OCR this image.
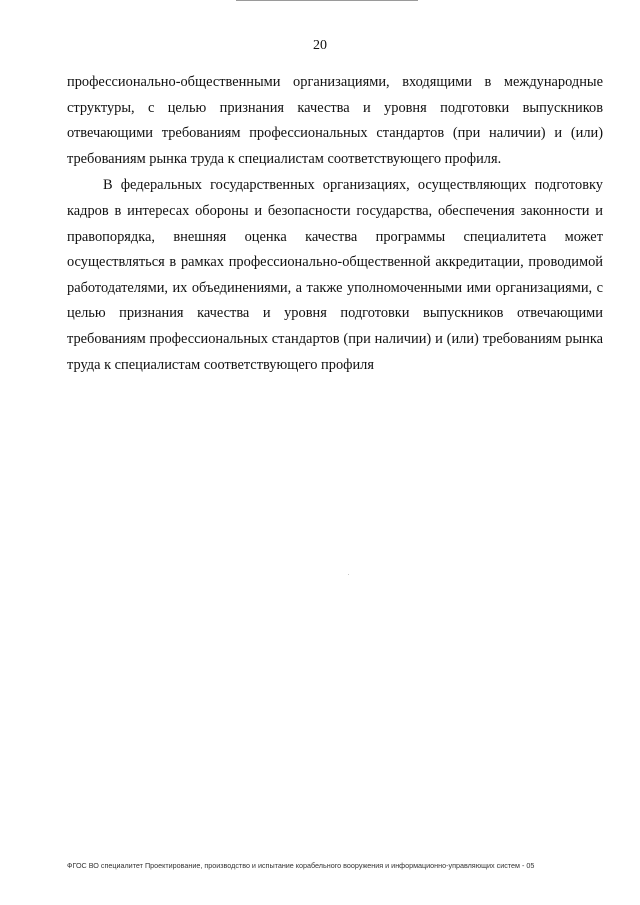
20

профессионально-общественными организациями, входящими в международные структуры, с целью признания качества и уровня подготовки выпускников отвечающими требованиям профессиональных стандартов (при наличии) и (или) требованиям рынка труда к специалистам соответствующего профиля.

В федеральных государственных организациях, осуществляющих подготовку кадров в интересах обороны и безопасности государства, обеспечения законности и правопорядка, внешняя оценка качества программы специалитета может осуществляться в рамках профессионально-общественной аккредитации, проводимой работодателями, их объединениями, а также уполномоченными ими организациями, с целью признания качества и уровня подготовки выпускников отвечающими требованиям профессиональных стандартов (при наличии) и (или) требованиям рынка труда к специалистам соответствующего профиля

ФГОС ВО специалитет Проектирование, производство и испытание корабельного вооружения и информационно-управляющих систем - 05
